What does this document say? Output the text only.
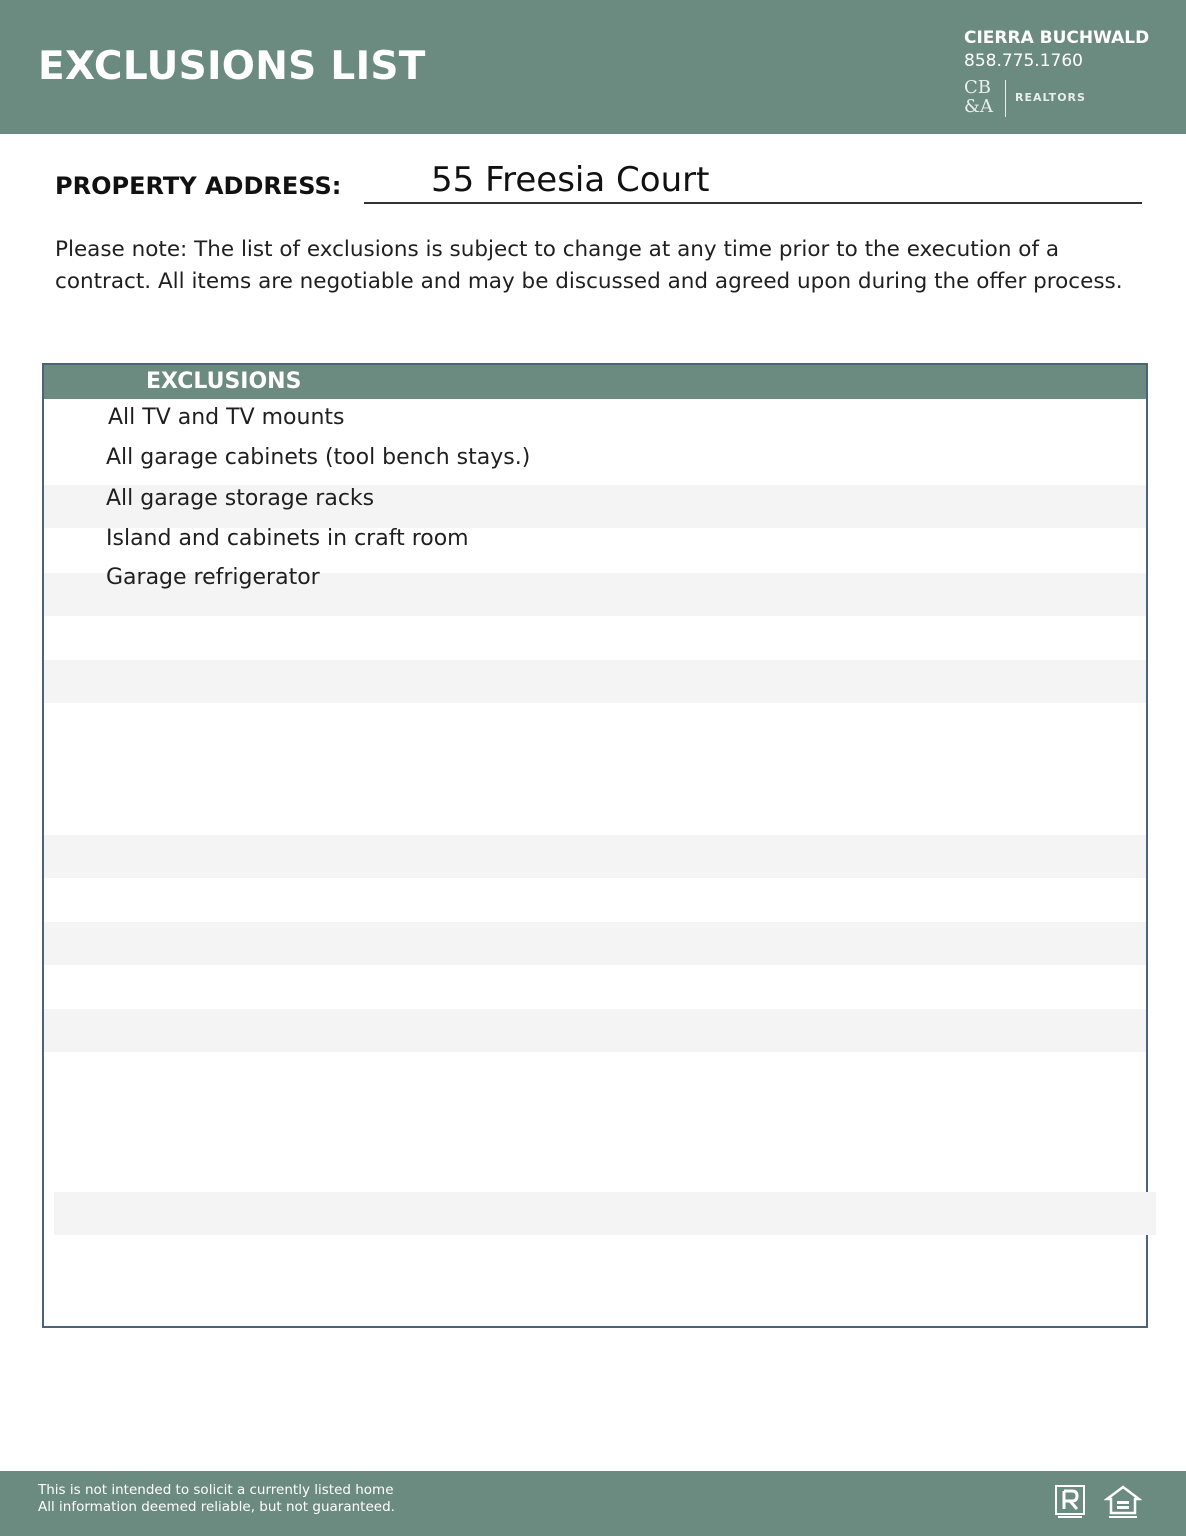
EXCLUSIONS LIST
CIERRA BUCHWALD
858.775.1760
CB
&A REALTORS
PROPERTY ADDRESS:	55 Freesia Court
Please note: The list of exclusions is subject to change at any time prior to the execution of a contract. All items are negotiable and may be discussed and agreed upon during the offer process.
EXCLUSIONS
All TV and TV mounts
All garage cabinets (tool bench stays.)
All garage storage racks
Island and cabinets in craft room
Garage refrigerator
This is not intended to solicit a currently listed home
All information deemed reliable, but not guaranteed.
